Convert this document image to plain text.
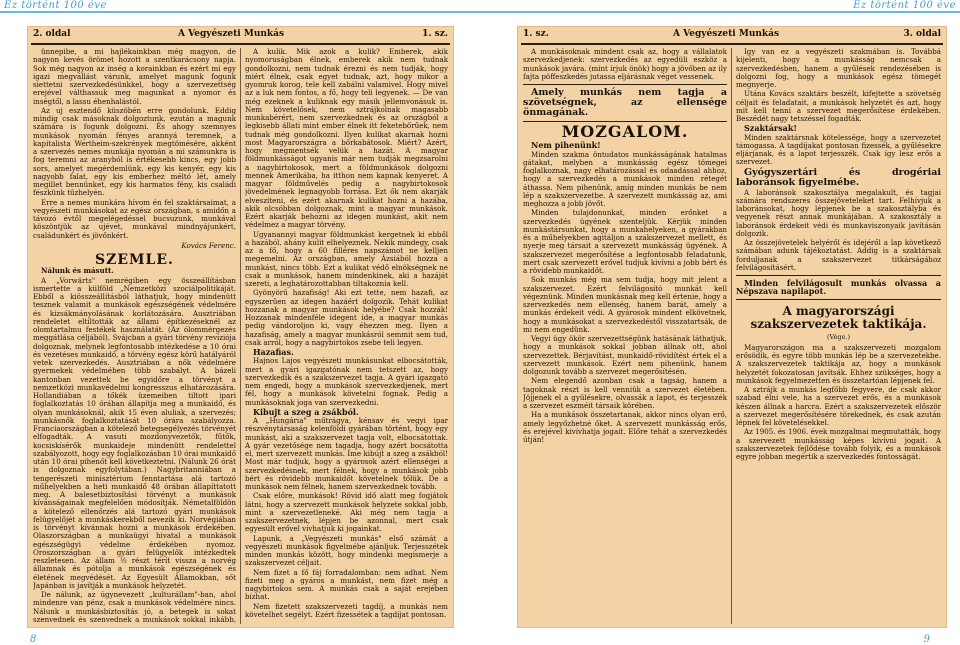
Ez történt 100 éve	Ez történt 100 éve
2. oldal	A Vegyészeti Munkás	1. sz.

ünnepibe, a mi hajlékainkban még magyon, de nagyon kevés örömet hozott a szentkarácsony napja. Sok még nagyon az inség a korainkban és ezért mi egy igazi megvállást várunk, amelyet magunk fogunk siettetni szervezkedésünkkel, hogy a szervezettség erejével válthassuk meg magunkat a nyomor és inségtől, a lassu éhenhalástól.

Az uj esztendő küszöbén erre gondolunk. Eddig mindig csak másoknak dolgoztunk, ezután a magunk számára is fogunk dolgozni. És ahogy szemnyes munkások nyomán fényes arannyá teremnek, a kapitalista Wertheim-szekrények megtömésére, akként a szervezés nemes munkája nyomán a mi számunkra is fog teremni az aranyból is értékesebb kincs, egy jobb sors, amelyet megérdemlünk, egy kis kenyér, egy kis nagyobb falat, egy kis emberhez méltó lét, amely megillet bennünket, egy kis harmatos fény, kis családi fészkünk tűzhelyén.

Erre a nemes munkára hívom én fel szaktársaimat, a vegyészeti munkásokat az egész országban, s amidőn a távozó évtől megelégedéssel bucsuzunk, munkával köszöntjük az ujévet, munkával mindnyájunkért, családunkért és jövőnkért.

Kovács Ferenc.

SZEMLE.

Nálunk és másutt.

A „Vorwärts" nemrégiben egy összeállításban ismertette a külföld „Nemzetközi szociálpolitikáját. Ebből a kiösszeállításból láthatjuk, hogy mindenütt tesznek valamit a munkások egészségének védelmére és kizsákmányolásának korlátozására. Ausztriában rendeletet eltiltották az állami építkezéseknél az olomtartalmu festékek használatát. (Az ólommérgezés meggátlása céljából). Svájcban a gyári törvény revíziója dolgoznak, melynek legfontosabb intézkedése a 10 órai és vezetéses munkaidő, a törvény egész körű hatályáról vetek szervezkedés. Ausztriában a nők védelmére gyermekek védelmében több szabályt. A bázeli kantonban vezettek be egyidőre a törvényt a nemzetközi munkavédelmi kongresszus elhatározására. Hollandiában a tőkék üzemeiben tiltott ipari foglalkoztatás 10 órában állapítja meg a munkaidő, és olyan munkásoknál, akik 15 éven aluliak, a szervezés; munkásnők foglalkoztatását 10 órára szabályozza. Franciaországban a kötelező betegsegélyezés törvényét elfogadták. A vasuti mozdonyvezetők, fűtők, kocsiskísérők munkaideje mindenütt rendelettel szabályozott, hogy egy foglalkozásban 10 órai munkaidő után 10 órai pihenőt kell következtetni. (Nálunk 26 órát is dolgoznak egyfolytában.) Nagybritanniában a tengerészeti minisztérium fenntartása alá tartozó műhelyekben a heti munkaidő 48 órában állapíttatott meg. A balesetbiztosítási törvényt a munkások kívánságainak megfelelően módosítják. Németalföldön a kötelező ellenőrzés alá tartozó gyári munkások felügyelőjét a munkáskerekből nevezik ki. Norvégiában is törvényt kívánnak hozni a munkások érdekében. Olaszországban a munkaügyi hivatal a munkások egészségügyi védelme érdekében nyomoz. Oroszországban a gyári felügyelők intézkedtek reszletesen. Az állam ½ részt térít vissza a norvég államnak és pótolja a munkások egészségének és életének megvédését. Az Egyesült Államokban, sőt Japánban is javítják a munkások helyzetét.

De nálunk, az úgynevezett „kulturállam"-ban, ahol mindenre van pénz, csak a munkások védelmére nincs. Nálunk a munkásbiztosítás jó, a betegek is sokat szenvednek és szenvednek a munkások sokkal inkább,

A kulik. Mik azok a kulik? Emberek, akik nyomoruságban élnek, emberek akik nem tudnak gondolkozni, nem tudnak érezni és nem tudják, hogy miért élnek, csak egyet tudnak, azt, hogy mikor a gyomruk korog, tele kell zabálni valamivel. Hogy mivel az a luk nem fontos, a fő, hogy teli legyenek. — De van még ezeknek a kuliknak egy másik jellemvonásuk is. Nem követelősek, nem sztrájkolnak magasabb munkabérért, nem szervezkednek és az országból a legkisebb állati mint ember élnek itt feketebőrűek, nem tudnak még gondolkozni. Ilyen kulikat akarnak hozni most Magyarországra a bőrkabátosok. Miért? Azért, hogy megmentsék velük a hazát. A magyar földmunkásságot ugyanis már nem tudják megzsarolni a nagybirtokosok, mert a földmunkások dolgozni mennek Amerikába, ha itthon nem kapnak kenyeret. A magyar földművelés pedig a nagybirtokosok jövedelmének legnagyobb forrása. Ezt ők nem akarják elveszíteni, és ezért akarnak kulikat hozni a hazába, akik olcsóbban dolgoznak, mint a magyar munkások. Ezért akarják behozni az idegen munkást, akit nem védelmez a magyar törvény.

Ugyanannyi magyar földmunkást kergetnek ki ebből a hazából, ahány kulit elhelyeznek. Nekik mindegy, csak az a fő, hogy a 60 filléres napszámot ne kelljen megemelni. Az országban, amely Ázsiából hozza a munkást, nincs több. Ezt a kulikat védő elnökségnek ne csak a munkások, hanem mindenkinek, aki a hazáját szereti, a leghatározottabban tiltakoznia kell.

Gyönyörű hazafiság! Aki ezt tette, nem hazafi, az egyszerűen az idegen hazáért dolgozik. Tehát kulikat hozzanak a magyar munkások helyébe? Csak hozzák! Hozzanak mindenféle idegent ide, a magyar munkás pedig vándoroljon ki, vagy éhezzen meg. Ilyen a hazafiság, amely a magyar munkásról semmit sem tud, csak arról, hogy a nagybirtokos zsebe teli legyen.

Hazafias.

Hajnos Lajos vegyészeti munkásunkat elbocsátották, mert a gyári igazgatónak nem tetszett az, hogy szervezkedik és a szakszervezet tagja. A gyári igazgató nem engedi, hogy a munkások szervezkedjenek, mert fél, hogy a munkások követelni fognak. Pedig a munkásoknak joga van szervezkedni.

Kibujt a szeg a zsákból.

A „Hungária" műtrágya, kénsav és vegyi ipar részvénytársaság kelenföldi gyárában történt, hogy egy munkást, aki a szakszervezet tagja volt, elbocsátottak. A gyár vezetősége nem tagadja, hogy azért bocsátotta el, mert szervezett munkás. Íme kibújt a szeg a zsákból! Most már tudjuk, hogy a gyárosok azért ellenségei a szervezkedésnek, mert félnek, hogy a munkások jobb bért és rövidebb munkaidőt követelnek tőlük. De a munkások nem félnek, hanem szervezkednek tovább.

Csak előre, munkások! Rövid idő alatt meg fogjátok látni, hogy a szervezett munkások helyzete sokkal jobb, mint a szervezetleneké. Aki még nem tagja a szakszervezetnek, lépjen be azonnal, mert csak egyesült erővel vívhatjuk ki jogainkat.

Lapunk, a „Vegyészeti munkás" első számát a vegyészeti munkások figyelmébe ajánljuk. Terjesszétek minden munkás között, hogy mindenki megismerje a szakszervezet céljait.

Nem fizet a fő fáj forradalomban: nem adhat. Nem fizeti meg a gyáros a munkást, nem fizet még a nagybirtokos sem. A munkás csak a saját erejében bízhat.

Nem fizetett szakszervezeti tagdíj, a munkás nem követelhet segélyt. Ezért fizessétek a tagdíjat pontosan.

1. sz.	A Vegyészeti Munkás	3. oldal

A munkásoknak mindent csak az, hogy a vállalatok szervezkedjenek: szervezkedés az egyedüli eszköz a munkások javára. (mint írjuk önök) hogy a jövőben az ily fajta pöffeszkedés jutassa eljárásnak véget vessenek.

Amely munkás nem tagja a szövetségnek, az ellensége önmagának.

MOZGALOM.

Nem pihenünk!

Minden szakma öntudatos munkásságának hatalmas gátakat, melyben a munkásság egész tömegei foglalkoznak, nagy elhatározással és odaadással ahhoz, hogy a szervezkedés a munkások minden rétegét áthassa. Nem pihenünk, amíg minden munkás be nem lép a szakszervezetbe. A szervezett munkásság az, ami meghozza a jobb jövőt.

Minden tulajdonunkat, minden erőnket a szervezkedés ügyének szenteljük. Kérjük minden munkástársunkat, hogy a munkahelyeken, a gyárakban és a műhelyekben agitáljon a szakszervezet mellett, és nyerje meg társait a szervezett munkásság ügyének. A szakszervezet megerősítése a legfontosabb feladatunk, mert csak szervezett erővel tudjuk kivívni a jobb bért és a rövidebb munkaidőt.

Sok munkás még ma sem tudja, hogy mit jelent a szakszervezet. Ezért felvilágosító munkát kell végeznünk. Minden munkásnak meg kell értenie, hogy a szervezkedés nem ellenség, hanem barát, amely a munkás érdekeit védi. A gyárosok mindent elkövetnek, hogy a munkásokat a szervezkedéstől visszatartsák, de mi nem engedünk.

Vegyi ügy ökör szervezettségünk hatásának láthatjuk, hogy a munkások sokkal jobban állnak ott, ahol szervezettek. Bérjavítást, munkaidő-rövidítést értek el a szervezett munkások. Ezért nem pihenünk, hanem dolgozunk tovább a szervezet megerősítésén.

Nem elegendő azonban csak a tagság, hanem a tagoknak részt is kell venniük a szervezet életében. Jöjjenek el a gyűlésekre, olvassák a lapot, és terjesszék a szervezet eszméit társaik körében.

Ha a munkások összetartanak, akkor nincs olyan erő, amely legyőzhetné őket. A szervezett munkásság erős, és erejével kivívhatja jogait. Előre tehát a szervezkedés útján!

Igy van ez a vegyészeti szakmában is. Továbbá kijelenti, hogy a munkásság nemcsak a szervezkedésben, hanem a gyűlések rendezésében is dolgozni fog, hogy a munkások egész tömegét megnyerje.

Utána Kovács szaktárs beszélt, kifejtette a szövetség céljait és feladatait, a munkások helyzetét és azt, hogy mit kell tenni a szervezet megerősítése érdekében. Beszédét nagy tetszéssel fogadták.

Szaktársak!

Minden szaktársnak kötelessége, hogy a szervezetet támogassa. A tagdíjakat pontosan fizessék, a gyűlésekre eljárjanak, és a lapot terjesszék. Csak így lesz erős a szervezet.

Gyógyszertári és drogériai laboránsok figyelmébe.

A laboránsok szakosztálya megalakult, és tagjai számára rendszeres összejöveteleket tart. Felhívjuk a laboránsokat, hogy lépjenek be a szakosztályba és vegyenek részt annak munkájában. A szakosztály a laboránsok érdekeit védi és munkaviszonyaik javításán dolgozik.

Az összejövetelek helyéről és idejéről a lap következő számában adunk tájékoztatást. Addig is a szaktársak forduljanak a szakszervezet titkárságához felvilágosításért.

Minden felvilágosult munkás olvassa a Népszava napilapot.

A magyarországi szakszervezetek taktikája.
(Vége.)

Magyarországon ma a szakszervezeti mozgalom erősödik, és egyre több munkás lép be a szervezetekbe. A szakszervezetek taktikája az, hogy a munkások helyzetét fokozatosan javítsák. Ehhez szükséges, hogy a munkások fegyelmezetten és összetartóan lépjenek fel.

A sztrájk a munkás legfőbb fegyvere, de csak akkor szabad élni vele, ha a szervezet erős, és a munkások készen állnak a harcra. Ezért a szakszervezetek először a szervezet megerősítésére törekednek, és csak azután lépnek fel követelésekkel.

Az 1905. és 1906. évek mozgalmai megmutatták, hogy a szervezett munkásság képes kivívni jogait. A szakszervezetek fejlődése tovább folyik, és a munkások egyre jobban megértik a szervezkedés fontosságát.

8	9
